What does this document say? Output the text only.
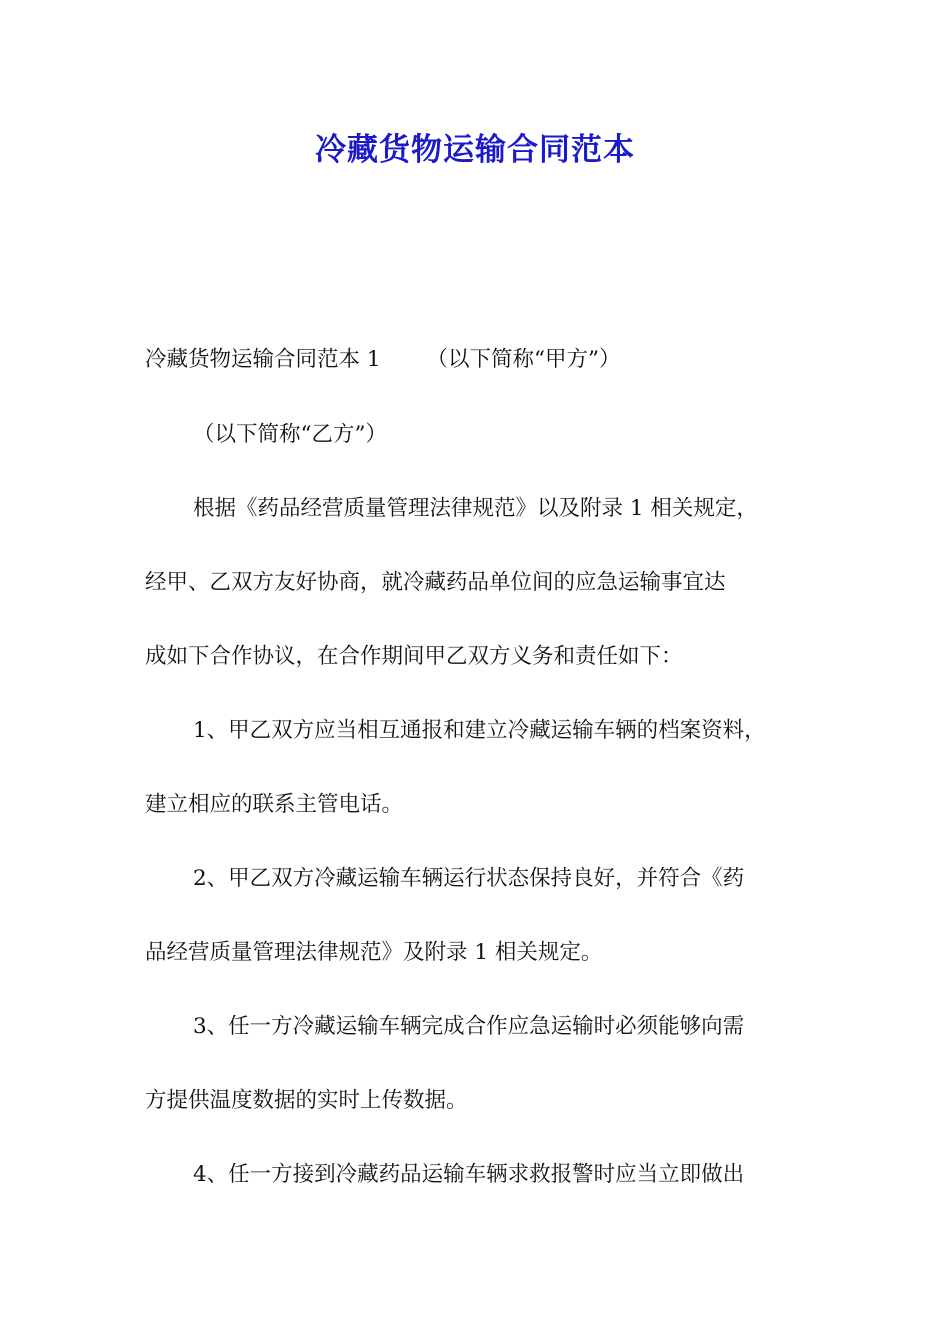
冷藏货物运输合同范本
冷藏货物运输合同范本 1 （以下简称“甲方”）
（以下简称“乙方”）
根据《药品经营质量管理法律规范》以及附录 1 相关规定，
经甲、乙双方友好协商，就冷藏药品单位间的应急运输事宜达
成如下合作协议，在合作期间甲乙双方义务和责任如下：
1、甲乙双方应当相互通报和建立冷藏运输车辆的档案资料，
建立相应的联系主管电话。
2、甲乙双方冷藏运输车辆运行状态保持良好，并符合《药
品经营质量管理法律规范》及附录 1 相关规定。
3、任一方冷藏运输车辆完成合作应急运输时必须能够向需
方提供温度数据的实时上传数据。
4、任一方接到冷藏药品运输车辆求救报警时应当立即做出
